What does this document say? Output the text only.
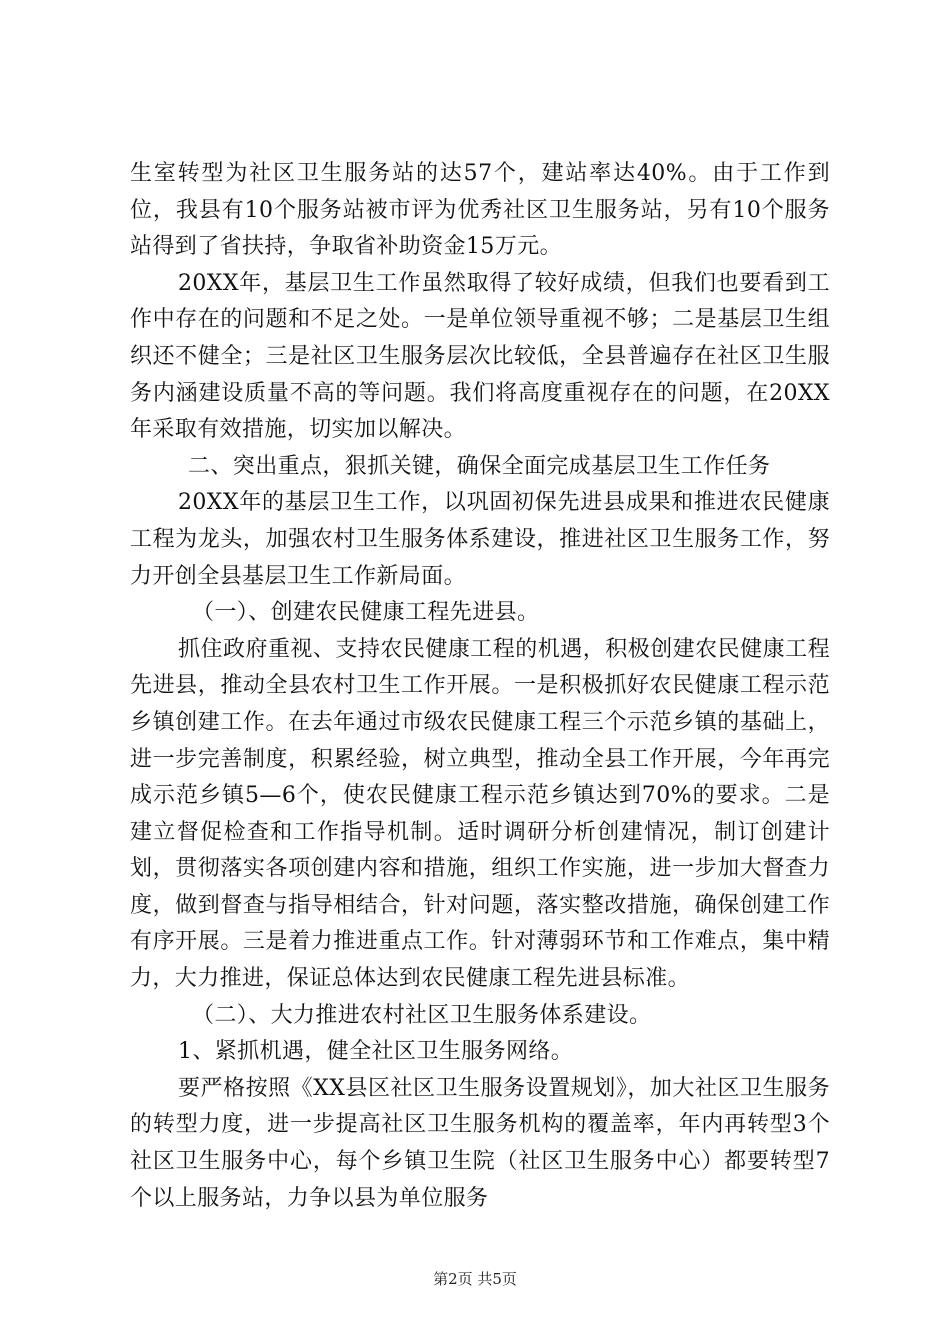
生室转型为社区卫生服务站的达57个，建站率达40%。由于工作到位，我县有10个服务站被市评为优秀社区卫生服务站，另有10个服务站得到了省扶持，争取省补助资金15万元。

20XX年，基层卫生工作虽然取得了较好成绩，但我们也要看到工作中存在的问题和不足之处。一是单位领导重视不够；二是基层卫生组织还不健全；三是社区卫生服务层次比较低，全县普遍存在社区卫生服务内涵建设质量不高的等问题。我们将高度重视存在的问题，在20XX年采取有效措施，切实加以解决。

二、突出重点，狠抓关键，确保全面完成基层卫生工作任务

20XX年的基层卫生工作，以巩固初保先进县成果和推进农民健康工程为龙头，加强农村卫生服务体系建设，推进社区卫生服务工作，努力开创全县基层卫生工作新局面。

（一）、创建农民健康工程先进县。

抓住政府重视、支持农民健康工程的机遇，积极创建农民健康工程先进县，推动全县农村卫生工作开展。一是积极抓好农民健康工程示范乡镇创建工作。在去年通过市级农民健康工程三个示范乡镇的基础上，进一步完善制度，积累经验，树立典型，推动全县工作开展，今年再完成示范乡镇5—6个，使农民健康工程示范乡镇达到70%的要求。二是建立督促检查和工作指导机制。适时调研分析创建情况，制订创建计划，贯彻落实各项创建内容和措施，组织工作实施，进一步加大督查力度，做到督查与指导相结合，针对问题，落实整改措施，确保创建工作有序开展。三是着力推进重点工作。针对薄弱环节和工作难点，集中精力，大力推进，保证总体达到农民健康工程先进县标准。

（二）、大力推进农村社区卫生服务体系建设。

1、紧抓机遇，健全社区卫生服务网络。

要严格按照《XX县区社区卫生服务设置规划》，加大社区卫生服务的转型力度，进一步提高社区卫生服务机构的覆盖率，年内再转型3个社区卫生服务中心，每个乡镇卫生院（社区卫生服务中心）都要转型7个以上服务站，力争以县为单位服务

第2页 共5页
